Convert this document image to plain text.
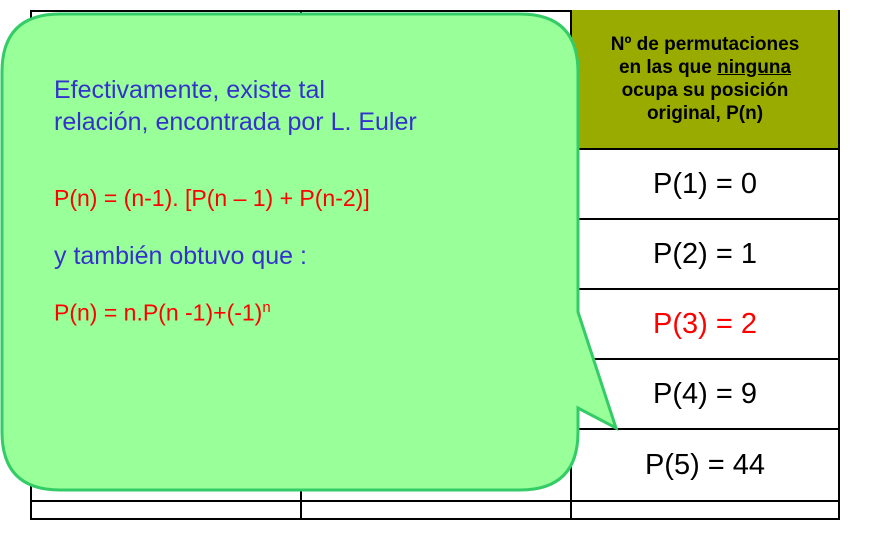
Nº de permutaciones
en las que ninguna
ocupa su posición
original, P(n)
P(1) = 0
P(2) = 1
P(3) = 2
P(4) = 9
P(5) = 44
Efectivamente, existe tal
relación, encontrada por L. Euler
P(n) = (n-1). [P(n – 1) + P(n-2)]
y también obtuvo que :
P(n) = n.P(n $-1)+(-1)^n$
